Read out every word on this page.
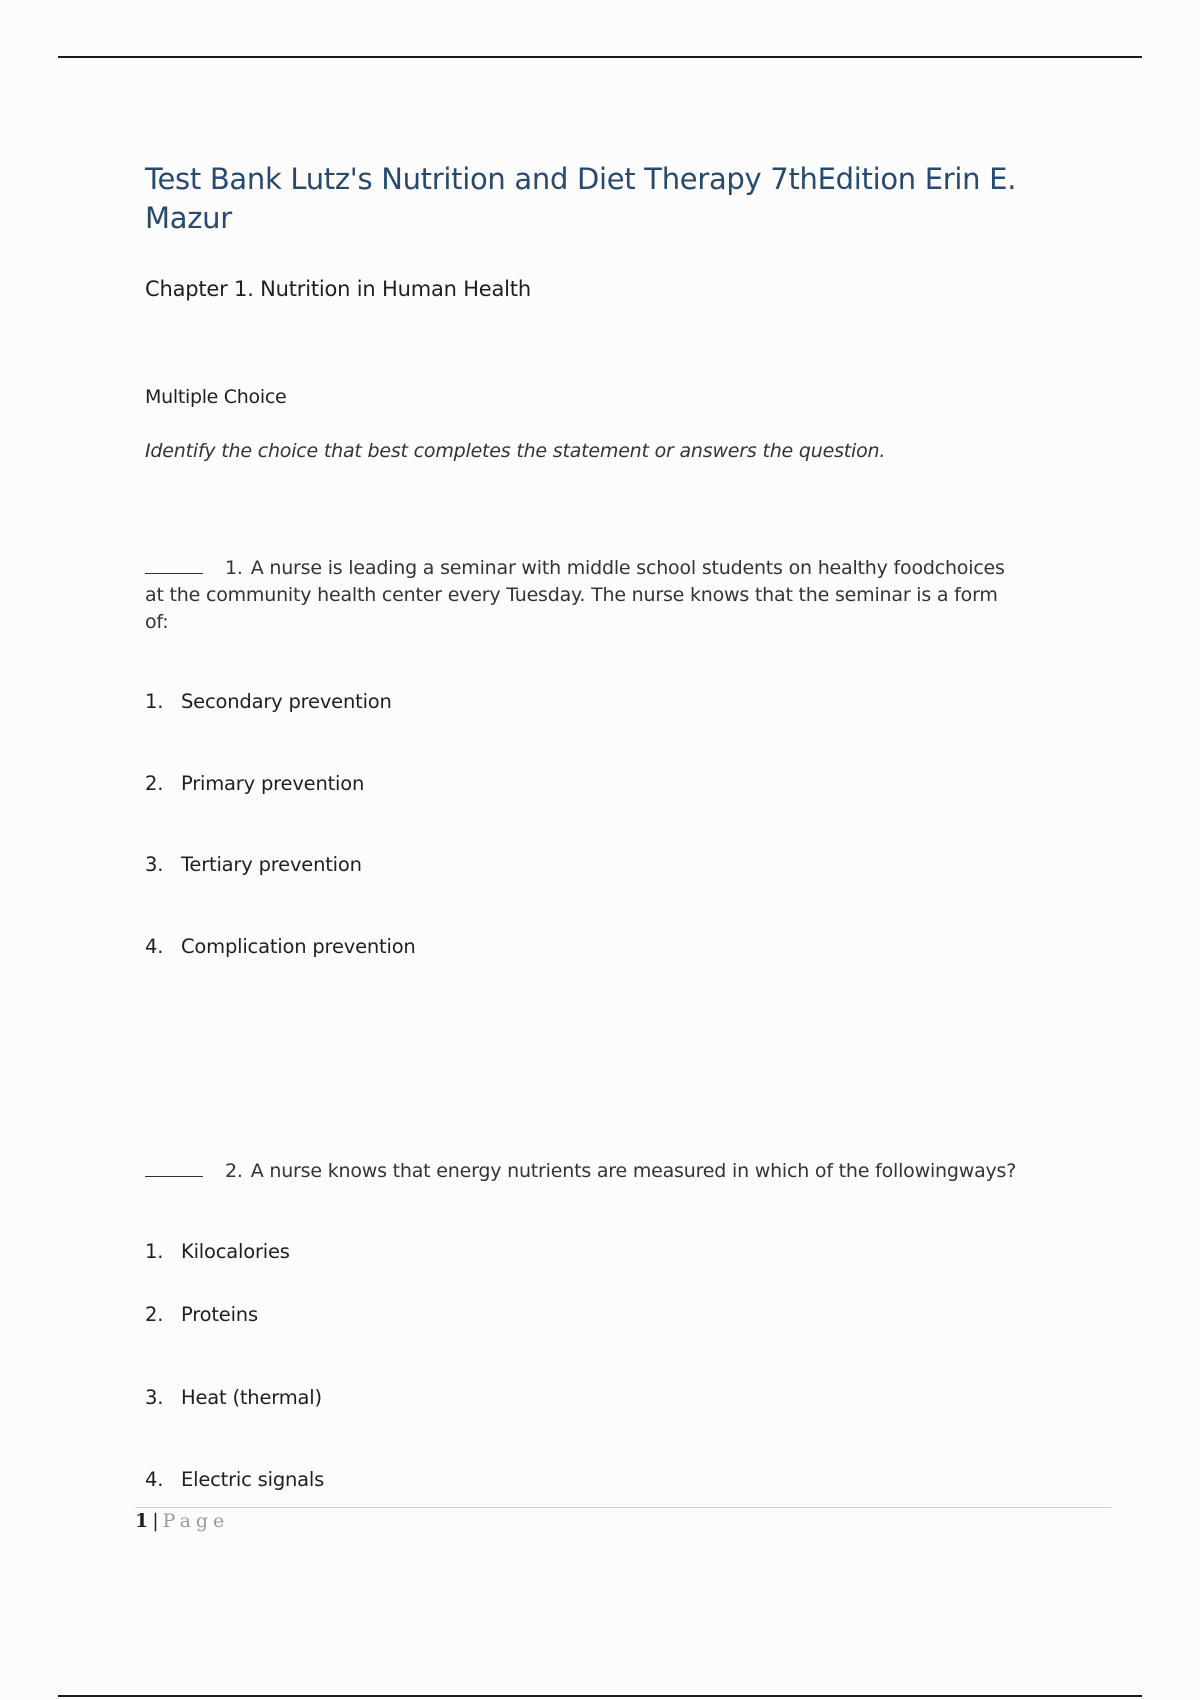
Test Bank Lutz's Nutrition and Diet Therapy 7thEdition Erin E. Mazur
Chapter 1. Nutrition in Human Health
Multiple Choice

Identify the choice that best completes the statement or answers the question.

1. A nurse is leading a seminar with middle school students on healthy foodchoices at the community health center every Tuesday. The nurse knows that the seminar is a form of:

1. Secondary prevention
2. Primary prevention
3. Tertiary prevention
4. Complication prevention

2. A nurse knows that energy nutrients are measured in which of the followingways?

1. Kilocalories
2. Proteins
3. Heat (thermal)
4. Electric signals
1 | Page
